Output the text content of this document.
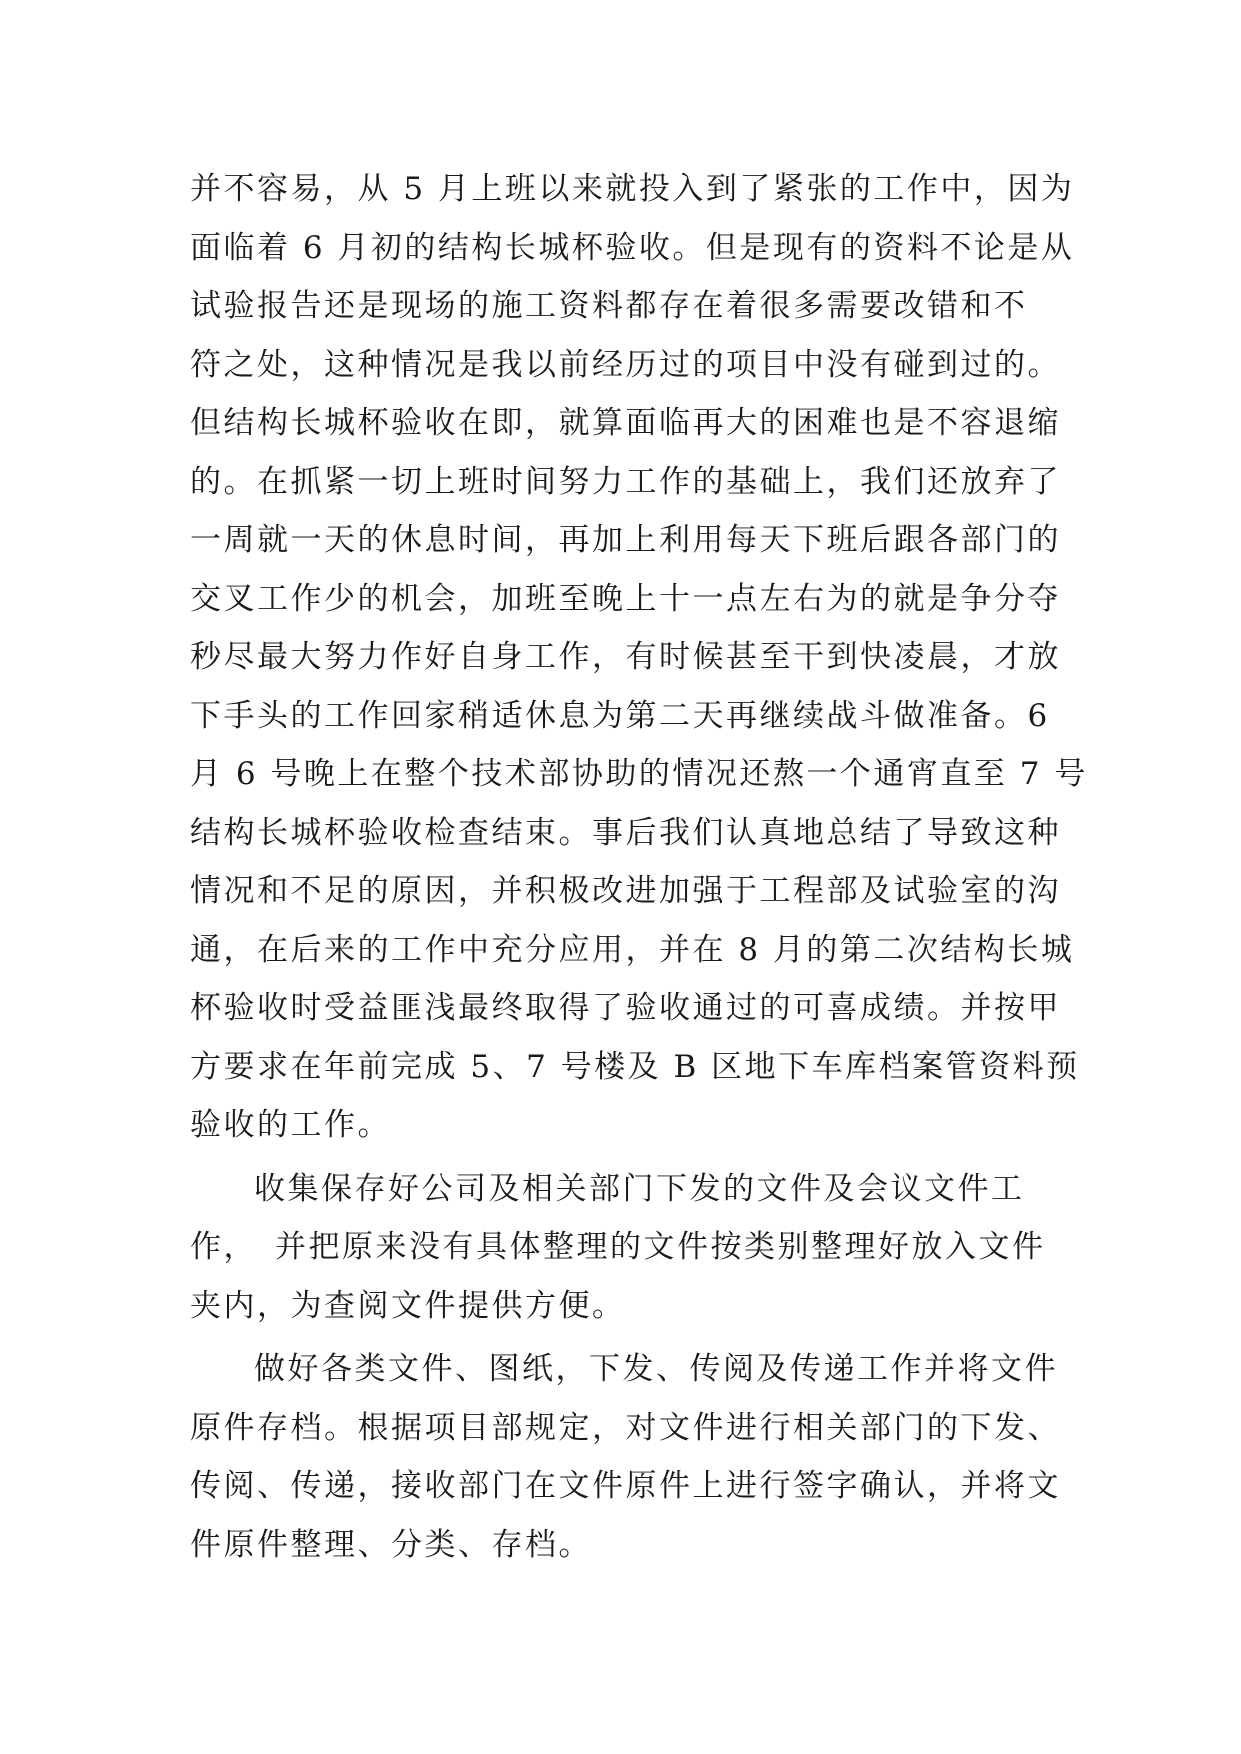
并不容易，从 5 月上班以来就投入到了紧张的工作中，因为
面临着 6 月初的结构长城杯验收。但是现有的资料不论是从
试验报告还是现场的施工资料都存在着很多需要改错和不
符之处，这种情况是我以前经历过的项目中没有碰到过的。
但结构长城杯验收在即，就算面临再大的困难也是不容退缩
的。在抓紧一切上班时间努力工作的基础上，我们还放弃了
一周就一天的休息时间，再加上利用每天下班后跟各部门的
交叉工作少的机会，加班至晚上十一点左右为的就是争分夺
秒尽最大努力作好自身工作，有时候甚至干到快凌晨，才放
下手头的工作回家稍适休息为第二天再继续战斗做准备。6
月 6 号晚上在整个技术部协助的情况还熬一个通宵直至 7 号
结构长城杯验收检查结束。事后我们认真地总结了导致这种
情况和不足的原因，并积极改进加强于工程部及试验室的沟
通，在后来的工作中充分应用，并在 8 月的第二次结构长城
杯验收时受益匪浅最终取得了验收通过的可喜成绩。并按甲
方要求在年前完成 5、7 号楼及 B 区地下车库档案管资料预
验收的工作。
收集保存好公司及相关部门下发的文件及会议文件工
作，　并把原来没有具体整理的文件按类别整理好放入文件
夹内，为查阅文件提供方便。
做好各类文件、图纸，下发、传阅及传递工作并将文件
原件存档。根据项目部规定，对文件进行相关部门的下发、
传阅、传递，接收部门在文件原件上进行签字确认，并将文
件原件整理、分类、存档。
